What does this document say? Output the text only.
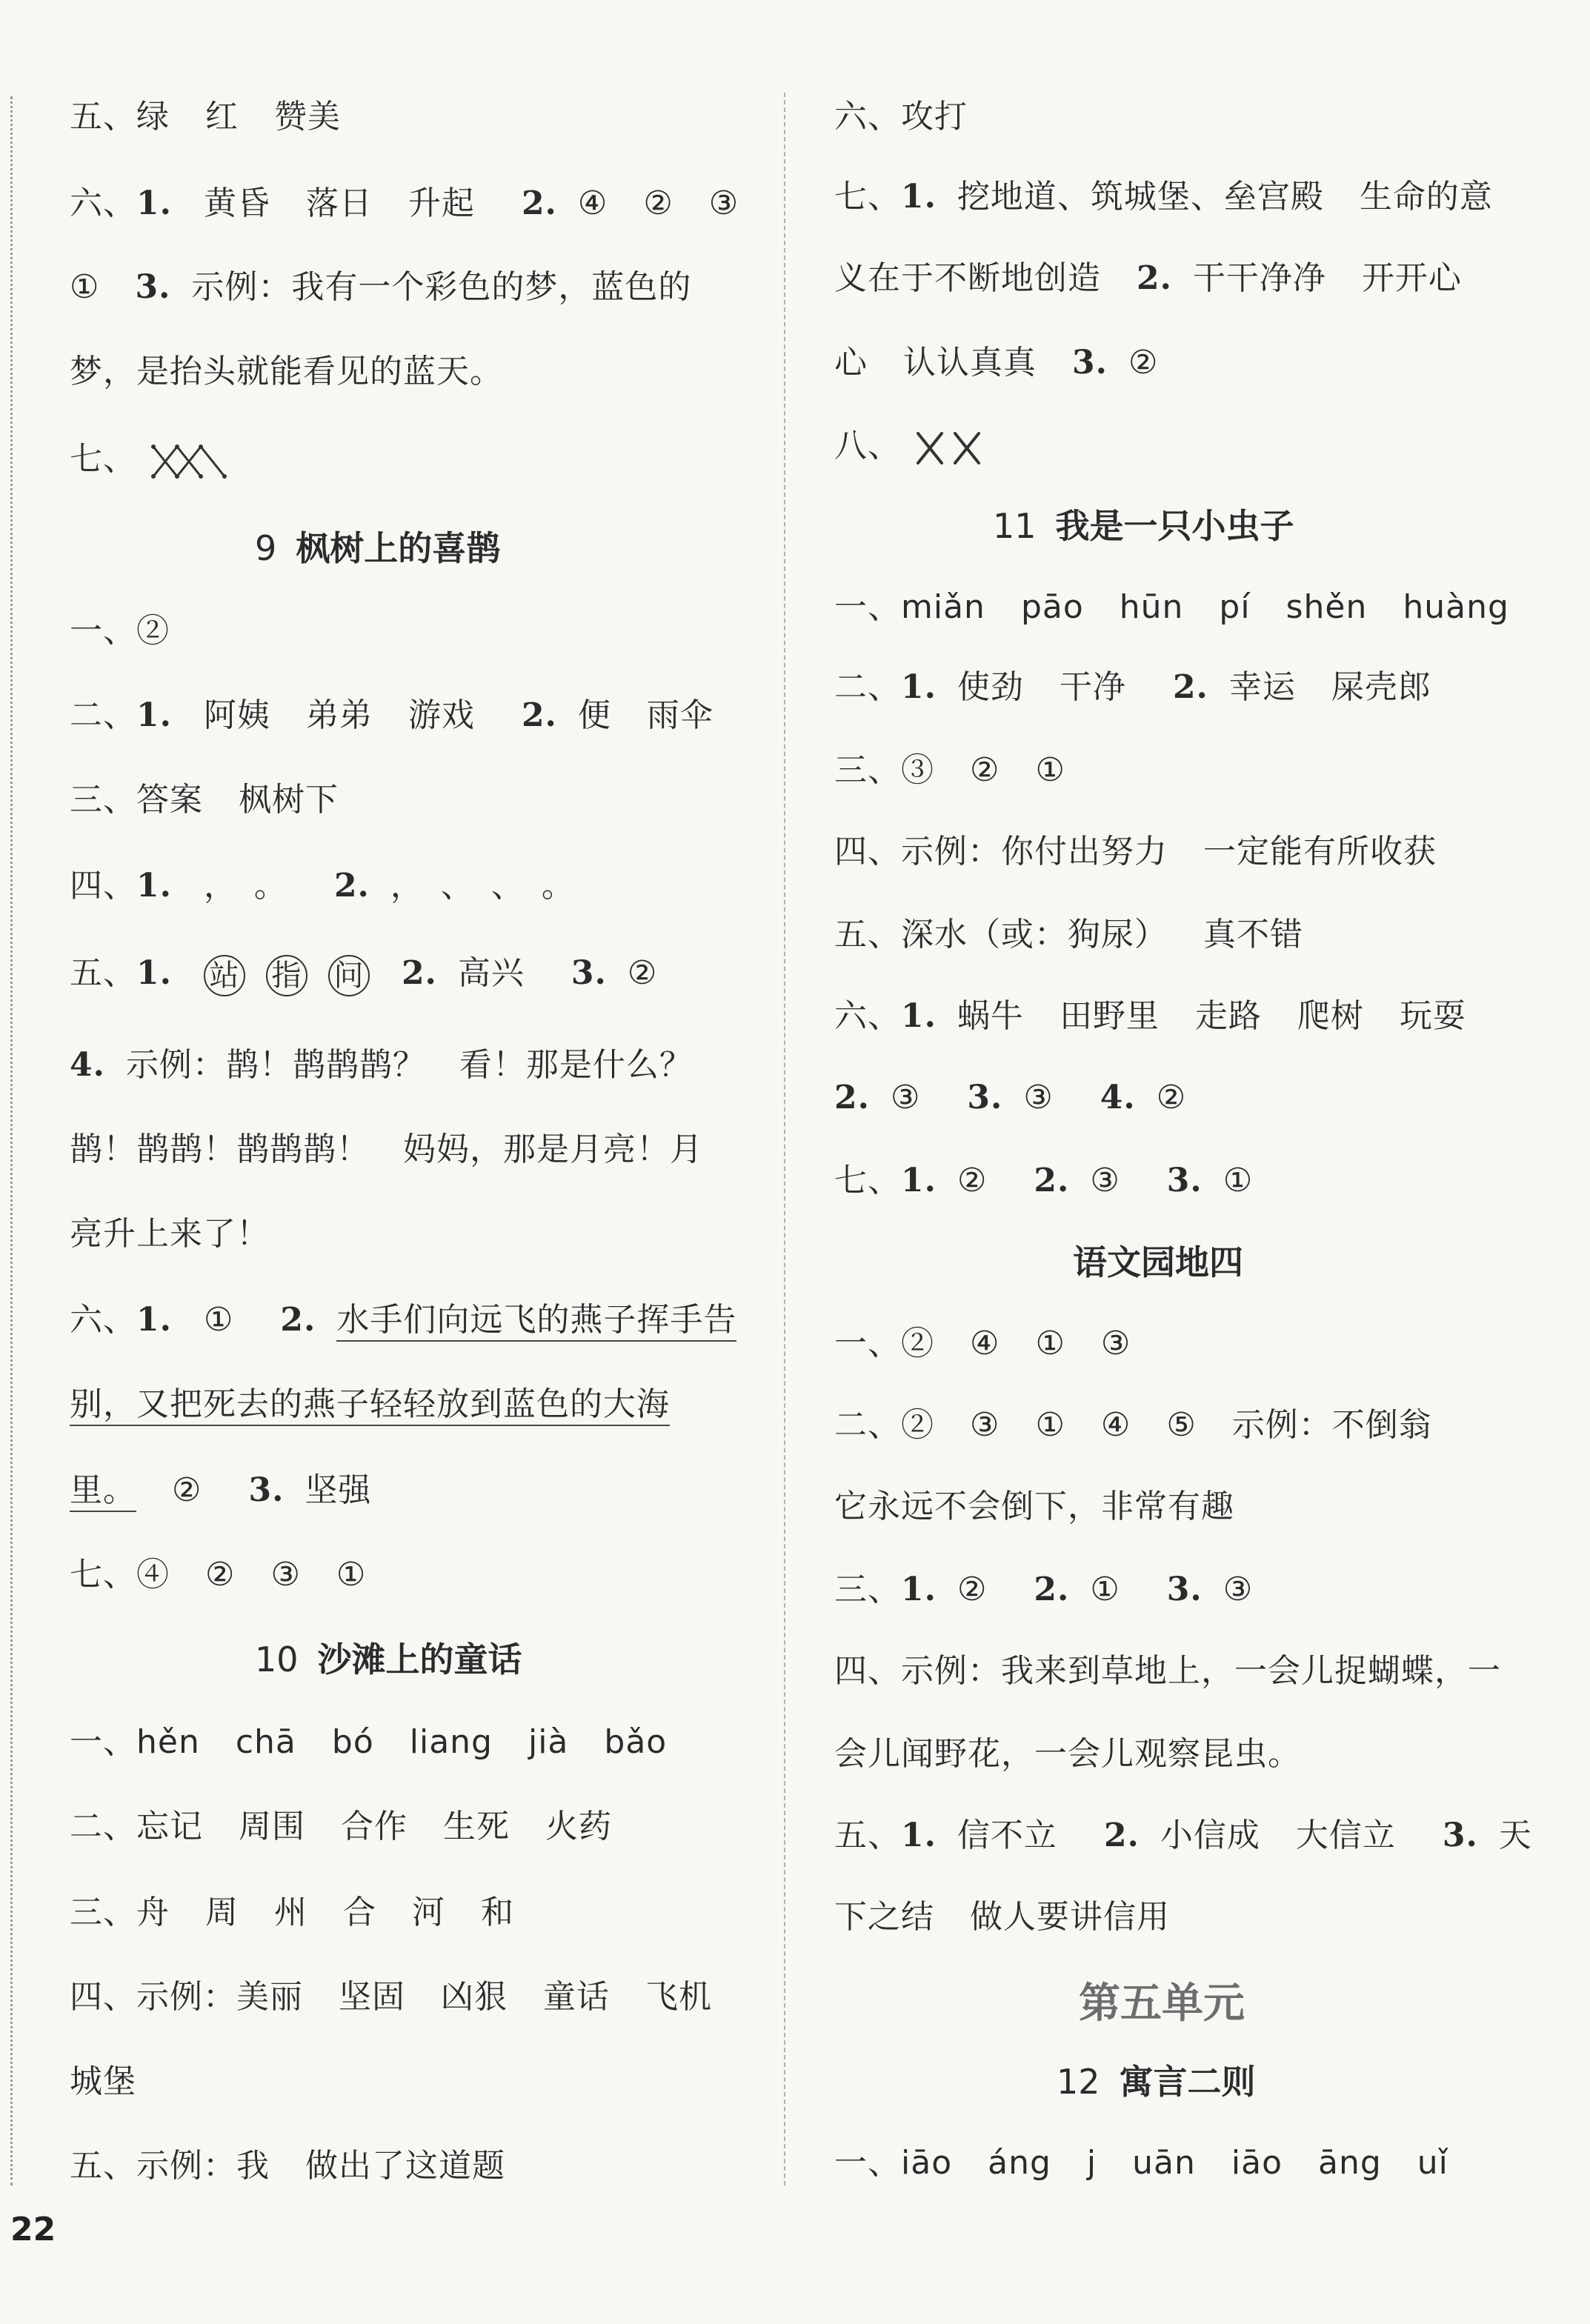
五、绿 红 赞美
六、1. 黄昏 落日 升起 2. ④ ② ③
① 3. 示例：我有一个彩色的梦，蓝色的
梦，是抬头就能看见的蓝天。
七、
9 枫树上的喜鹊
一、②
二、1. 阿姨 弟弟 游戏 2. 便 雨伞
三、答案 枫树下
四、1. ，　。 2. ，　、　、　。
五、1. 站 指 问 2. 高兴 3. ②
4. 示例：鹊！鹊鹊鹊？　看！那是什么？
鹊！鹊鹊！鹊鹊鹊！　妈妈，那是月亮！月
亮升上来了！
六、1. ① 2. 水手们向远飞的燕子挥手告
别，又把死去的燕子轻轻放到蓝色的大海
里。 ② 3. 坚强
七、④ ② ③ ①
10 沙滩上的童话
一、hěn chā bó liang jià bǎo
二、忘记 周围 合作 生死 火药
三、舟 周 州 合 河 和
四、示例：美丽 坚固 凶狠 童话 飞机
城堡
五、示例：我 做出了这道题
22
六、攻打
七、1. 挖地道、筑城堡、垒宫殿 生命的意
义在于不断地创造 2. 干干净净 开开心
心 认认真真 3. ②
八、
11 我是一只小虫子
一、miǎn pāo hūn pí shěn huàng
二、1. 使劲 干净 2. 幸运 屎壳郎
三、③ ② ①
四、示例：你付出努力 一定能有所收获
五、深水（或：狗尿） 真不错
六、1. 蜗牛 田野里 走路 爬树 玩耍
2. ③ 3. ③ 4. ②
七、1. ② 2. ③ 3. ①
语文园地四
一、② ④ ① ③
二、② ③ ① ④ ⑤ 示例：不倒翁
它永远不会倒下，非常有趣
三、1. ② 2. ① 3. ③
四、示例：我来到草地上，一会儿捉蝴蝶，一
会儿闻野花，一会儿观察昆虫。
五、1. 信不立 2. 小信成 大信立 3. 天
下之结 做人要讲信用
第五单元
12 寓言二则
一、iāo áng j uān iāo āng uǐ
